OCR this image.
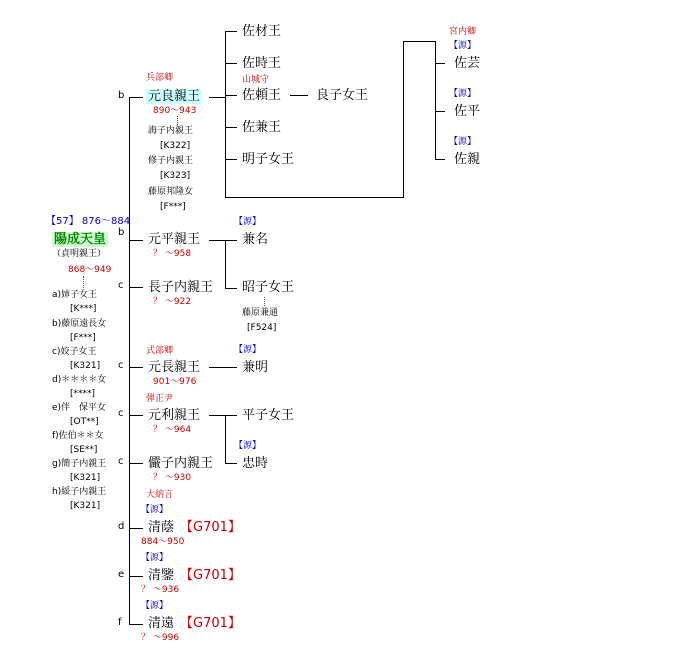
【57】 876〜884
陽成天皇
（貞明親王）
868〜949
a)姉子女王
[K***]
b)藤原遠長女
[F***]
c)姣子女王
[K321]
d)＊＊＊＊女
[****]
e)伴　保平女
[OT**]
f)佐伯＊＊女
[SE**]
g)簡子内親王
[K321]
h)綏子内親王
[K321]
b
兵部卿
元良親王
890〜943
誨子内親王
[K322]
修子内親王
[K323]
藤原邦隆女
[F***]
b 元平親王
？ 〜958
c 長子内親王
？ 〜922
c
式部卿
元長親王
901〜976
c
弾正尹
元利親王
？ 〜964
c 儼子内親王
？ 〜930
d
大納言
【源】
清蔭 【G701】
884〜950
e
【源】
清鑒 【G701】
？ 〜936
f
【源】
清遠 【G701】
？ 〜996
佐材王
佐時王
山城守
佐頼王
佐兼王
明子女王
【源】
兼名
昭子女王
藤原兼通
[F524]
【源】
兼明
平子女王
【源】
忠時
良子女王
宮内卿
【源】
佐芸
【源】
佐平
【源】
佐親
